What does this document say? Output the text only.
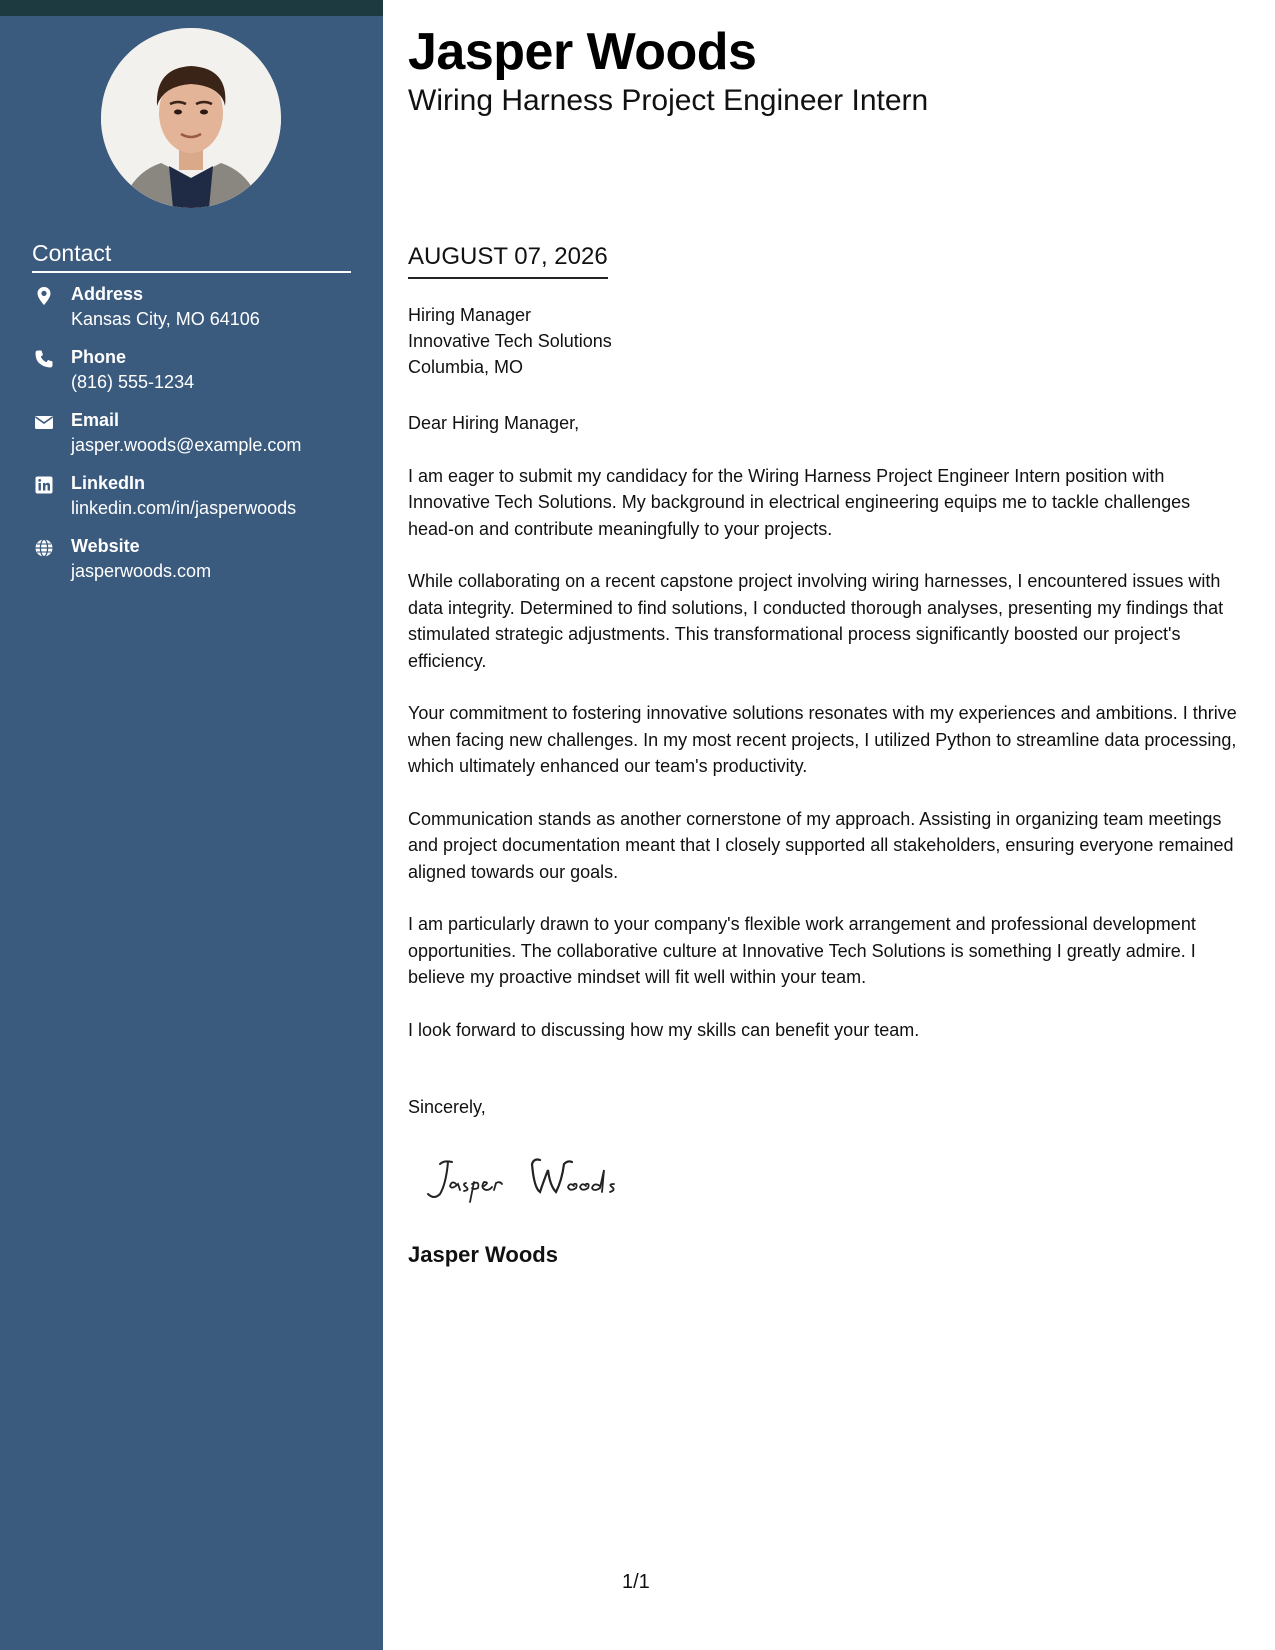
Contact
Address
Kansas City, MO 64106
Phone
(816) 555-1234
Email
jasper.woods@example.com
LinkedIn
linkedin.com/in/jasperwoods
Website
jasperwoods.com
Jasper Woods
Wiring Harness Project Engineer Intern
AUGUST 07, 2026
Hiring Manager
Innovative Tech Solutions
Columbia, MO

Dear Hiring Manager,

I am eager to submit my candidacy for the Wiring Harness Project Engineer Intern position with Innovative Tech Solutions. My background in electrical engineering equips me to tackle challenges head-on and contribute meaningfully to your projects.

While collaborating on a recent capstone project involving wiring harnesses, I encountered issues with data integrity. Determined to find solutions, I conducted thorough analyses, presenting my findings that stimulated strategic adjustments. This transformational process significantly boosted our project's efficiency.

Your commitment to fostering innovative solutions resonates with my experiences and ambitions. I thrive when facing new challenges. In my most recent projects, I utilized Python to streamline data processing, which ultimately enhanced our team's productivity.

Communication stands as another cornerstone of my approach. Assisting in organizing team meetings and project documentation meant that I closely supported all stakeholders, ensuring everyone remained aligned towards our goals.

I am particularly drawn to your company's flexible work arrangement and professional development opportunities. The collaborative culture at Innovative Tech Solutions is something I greatly admire. I believe my proactive mindset will fit well within your team.

I look forward to discussing how my skills can benefit your team.

Sincerely,
Jasper Woods
1/1
